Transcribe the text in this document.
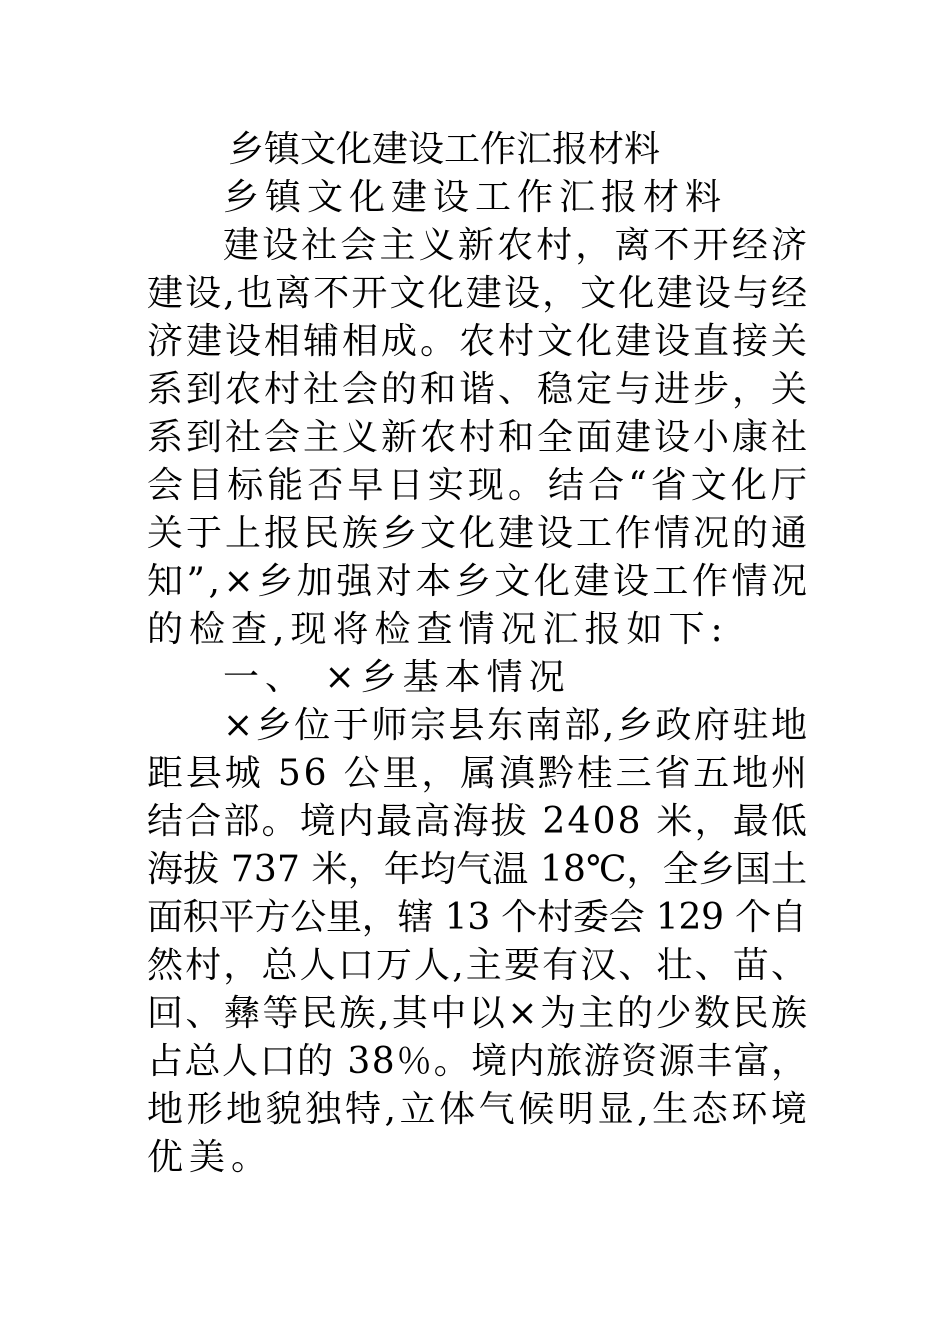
乡镇文化建设工作汇报材料
乡镇文化建设工作汇报材料
建设社会主义新农村，离不开经济
建设,也离不开文化建设，文化建设与经
济建设相辅相成。农村文化建设直接关
系到农村社会的和谐、稳定与进步，关
系到社会主义新农村和全面建设小康社
会目标能否早日实现。结合“省文化厅
关于上报民族乡文化建设工作情况的通
知”,×乡加强对本乡文化建设工作情况
的检查,现将检查情况汇报如下:
一、 ×乡基本情况
×乡位于师宗县东南部,乡政府驻地
距县城 56 公里，属滇黔桂三省五地州
结合部。境内最高海拔 2408 米，最低
海拔 737 米，年均气温 18℃，全乡国土
面积平方公里，辖 13 个村委会 129 个自
然村，总人口万人,主要有汉、壮、苗、
回、彝等民族,其中以×为主的少数民族
占总人口的 38％。境内旅游资源丰富，
地形地貌独特,立体气候明显,生态环境
优美。
